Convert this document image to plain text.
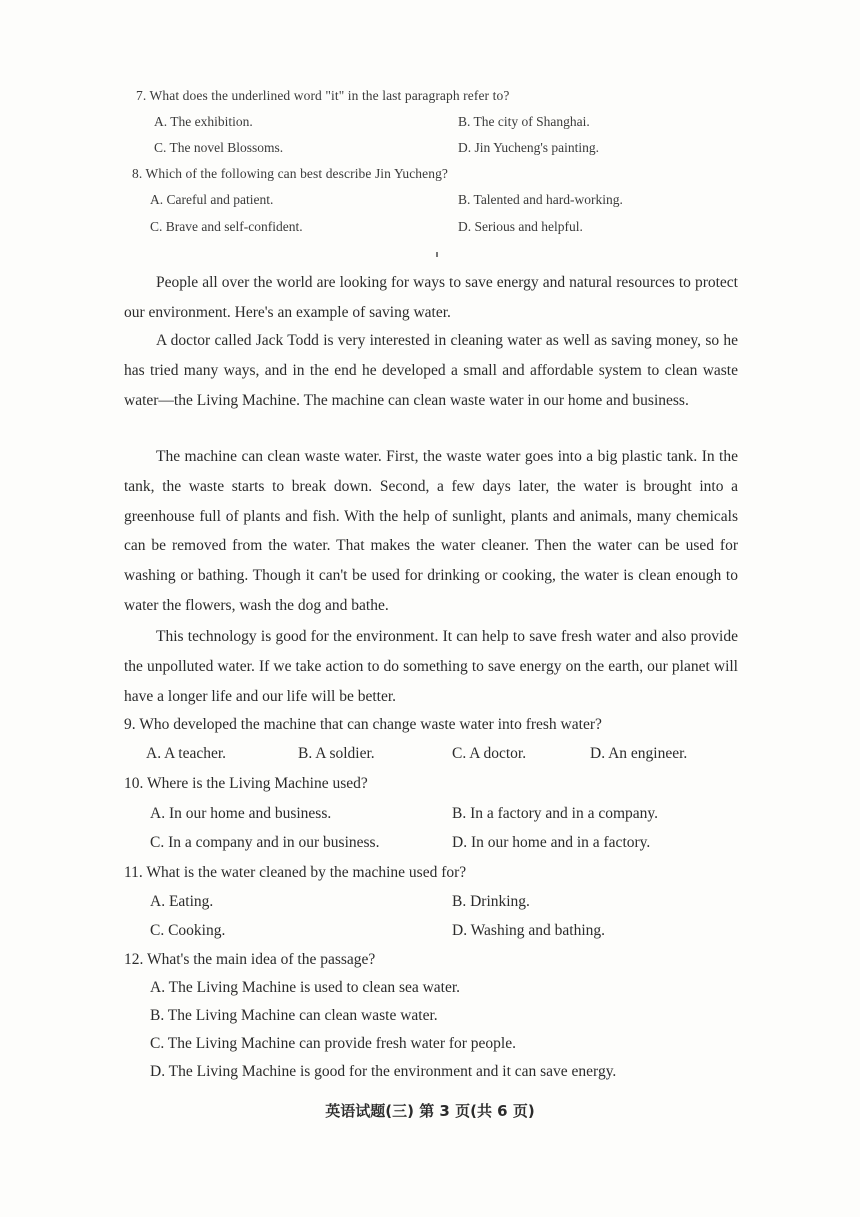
7. What does the underlined word "it" in the last paragraph refer to?
A. The exhibition.	B. The city of Shanghai.
C. The novel Blossoms.	D. Jin Yucheng's painting.
8. Which of the following can best describe Jin Yucheng?
A. Careful and patient.	B. Talented and hard-working.
C. Brave and self-confident.	D. Serious and helpful.
People all over the world are looking for ways to save energy and natural resources to protect our environment. Here's an example of saving water.
A doctor called Jack Todd is very interested in cleaning water as well as saving money, so he has tried many ways, and in the end he developed a small and affordable system to clean waste water—the Living Machine. The machine can clean waste water in our home and business.
The machine can clean waste water. First, the waste water goes into a big plastic tank. In the tank, the waste starts to break down. Second, a few days later, the water is brought into a greenhouse full of plants and fish. With the help of sunlight, plants and animals, many chemicals can be removed from the water. That makes the water cleaner. Then the water can be used for washing or bathing. Though it can't be used for drinking or cooking, the water is clean enough to water the flowers, wash the dog and bathe.
This technology is good for the environment. It can help to save fresh water and also provide the unpolluted water. If we take action to do something to save energy on the earth, our planet will have a longer life and our life will be better.
9. Who developed the machine that can change waste water into fresh water?
A. A teacher.	B. A soldier.	C. A doctor.	D. An engineer.
10. Where is the Living Machine used?
A. In our home and business.	B. In a factory and in a company.
C. In a company and in our business.	D. In our home and in a factory.
11. What is the water cleaned by the machine used for?
A. Eating.	B. Drinking.
C. Cooking.	D. Washing and bathing.
12. What's the main idea of the passage?
A. The Living Machine is used to clean sea water.
B. The Living Machine can clean waste water.
C. The Living Machine can provide fresh water for people.
D. The Living Machine is good for the environment and it can save energy.
英语试题(三) 第 3 页(共 6 页)
